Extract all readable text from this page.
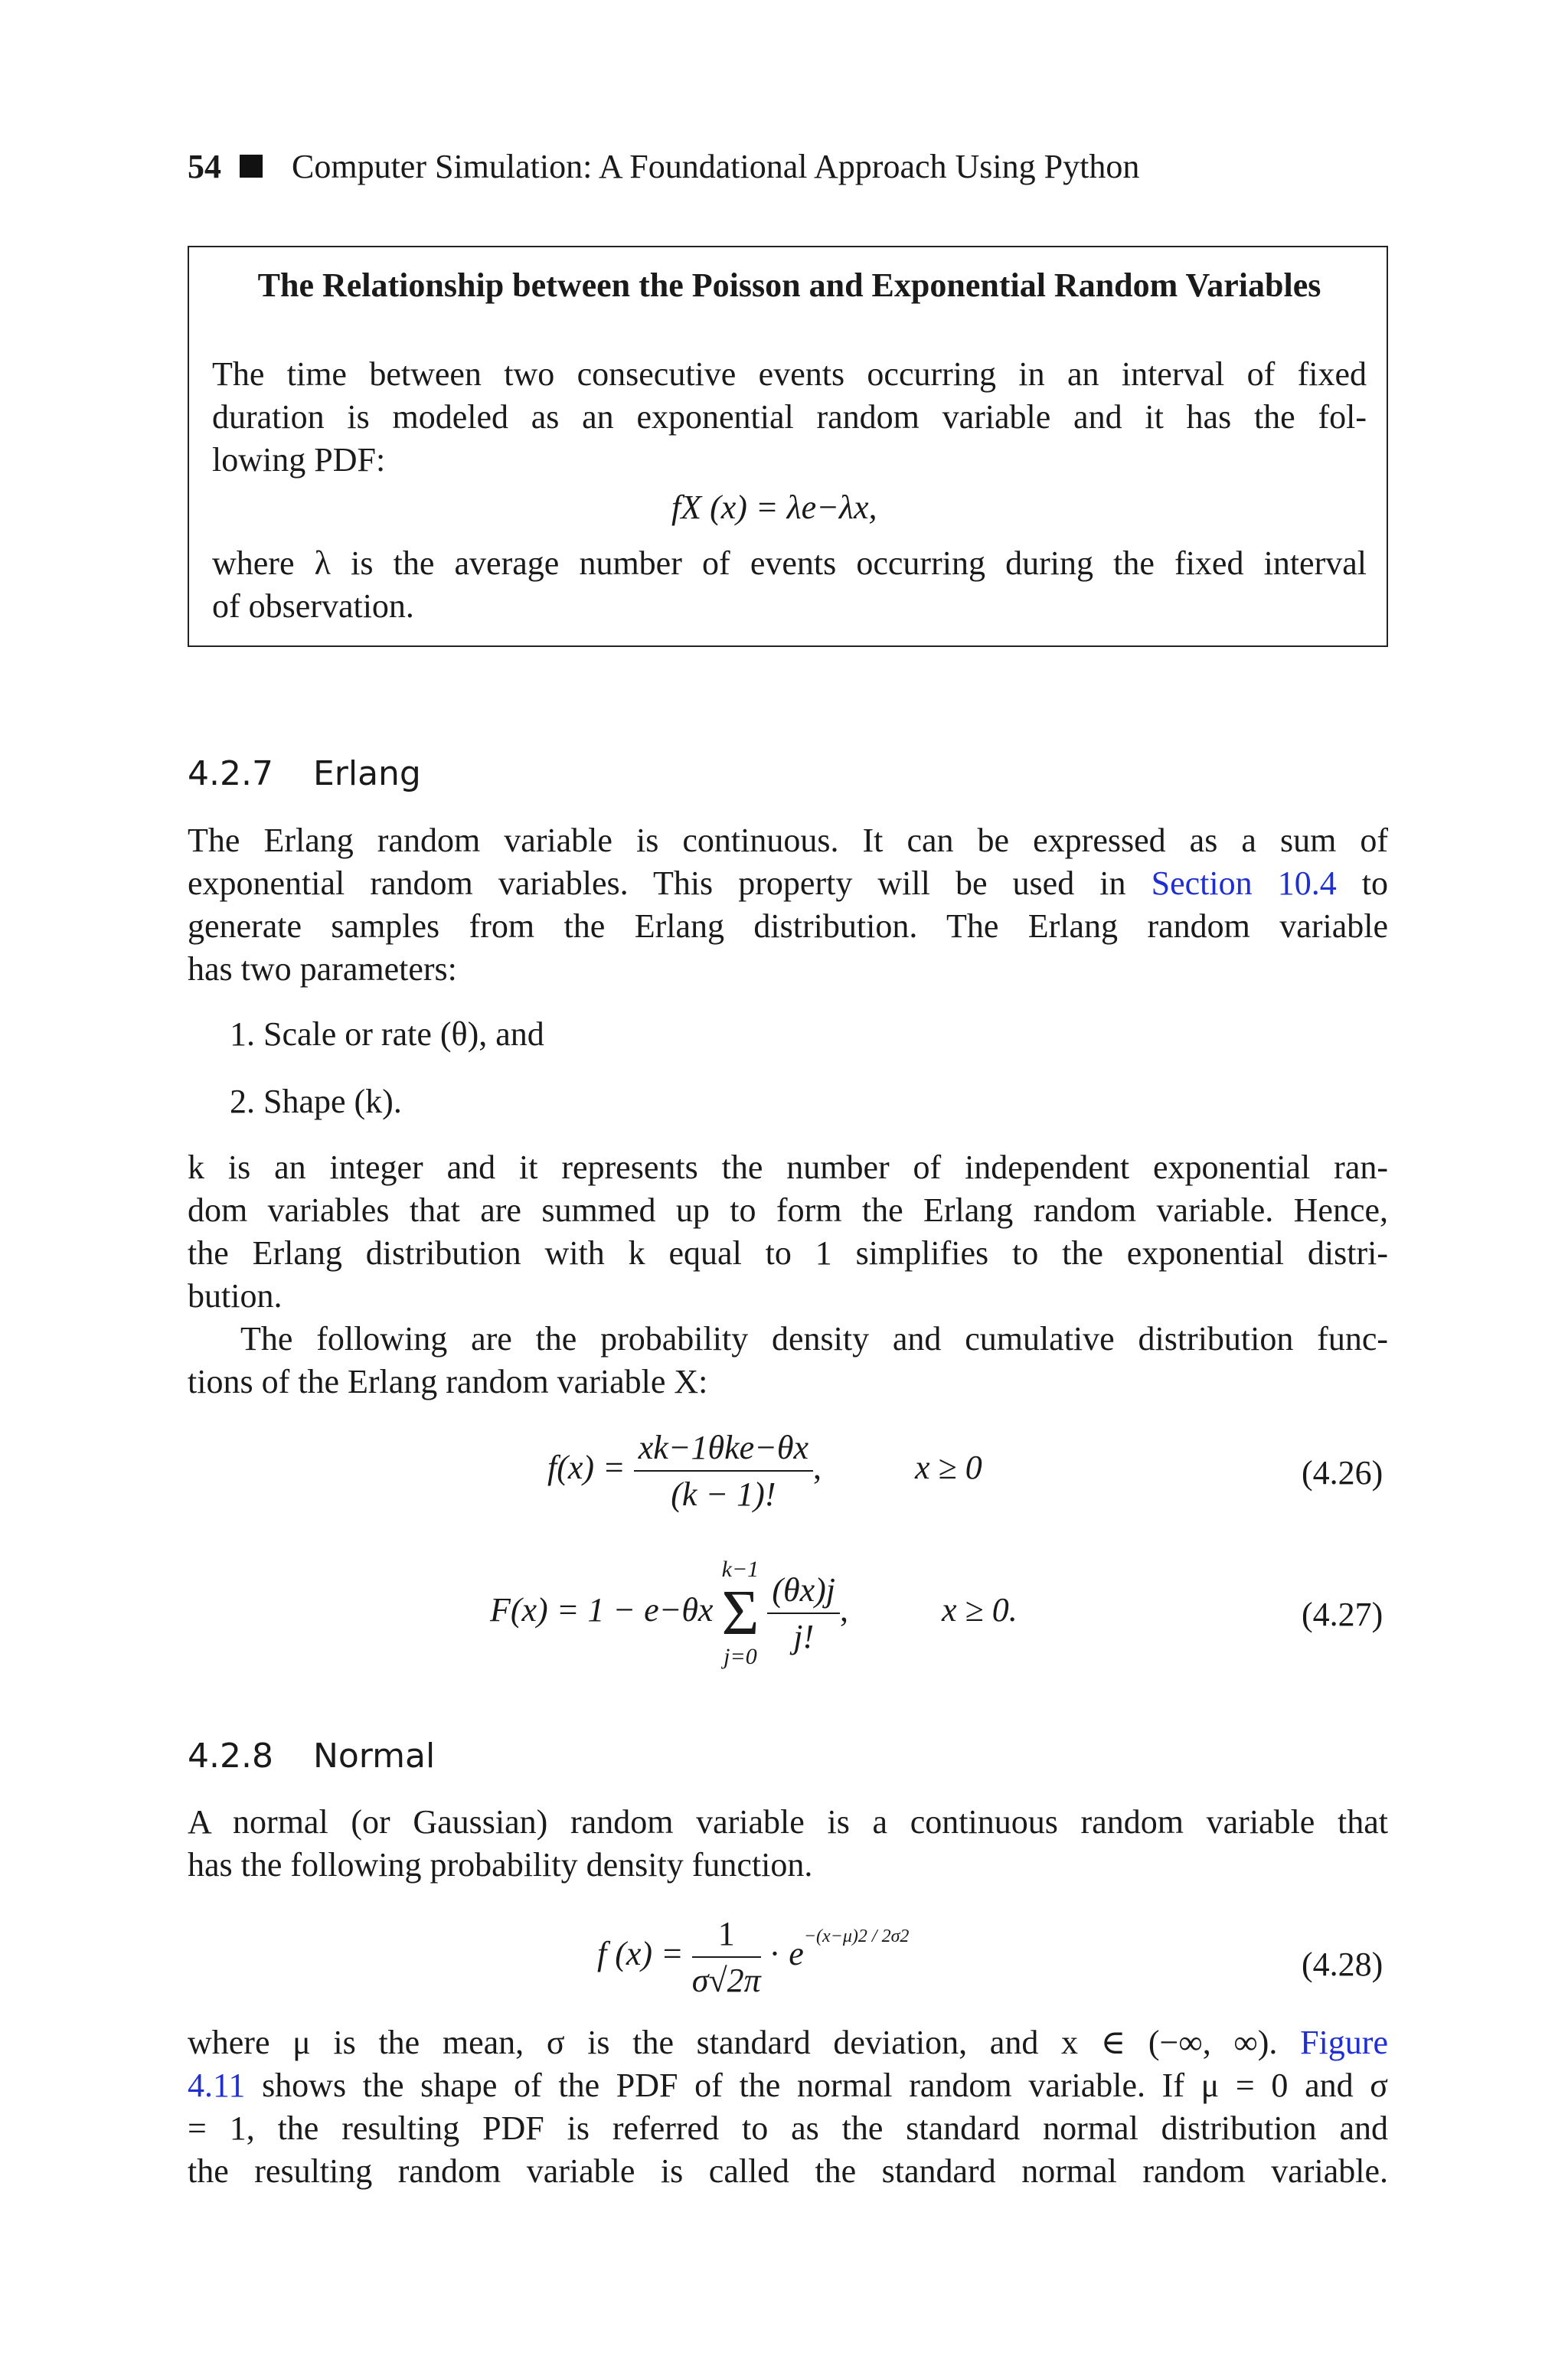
54 Computer Simulation: A Foundational Approach Using Python
The Relationship between the Poisson and Exponential Random Variables
The time between two consecutive events occurring in an interval of fixed
duration is modeled as an exponential random variable and it has the fol-
lowing PDF:
fX (x) = λe−λx,
where λ is the average number of events occurring during the fixed interval
of observation.
4.2.7 Erlang
The Erlang random variable is continuous. It can be expressed as a sum of
exponential random variables. This property will be used in Section 10.4 to
generate samples from the Erlang distribution. The Erlang random variable
has two parameters:
1. Scale or rate (θ), and
2. Shape (k).
k is an integer and it represents the number of independent exponential ran-
dom variables that are summed up to form the Erlang random variable. Hence,
the Erlang distribution with k equal to 1 simplifies to the exponential distri-
bution.
The following are the probability density and cumulative distribution func-
tions of the Erlang random variable X:
$f(x) = \frac{\text{xk−1θke−θx}}{(k - 1)!}$ ,	x ≥ 0	(4.26)
F(x) = 1 − e−θx
k−1
Σ
j=0

$\frac{(\theta x)j}{j!}$ ,	x ≥ 0.	(4.27)
4.2.8 Normal
A normal (or Gaussian) random variable is a continuous random variable that
has the following probability density function.
f $(x) = \frac{1}{\sigma√2\pi} \cdot e^{-(x-\mu)2 / 2\sigma 2}$
(4.28)
where μ is the mean, σ is the standard deviation, and x ∈ (−∞, ∞). Figure
4.11 shows the shape of the PDF of the normal random variable. If μ = 0 and σ
= 1, the resulting PDF is referred to as the standard normal distribution and
the resulting random variable is called the standard normal random variable.
